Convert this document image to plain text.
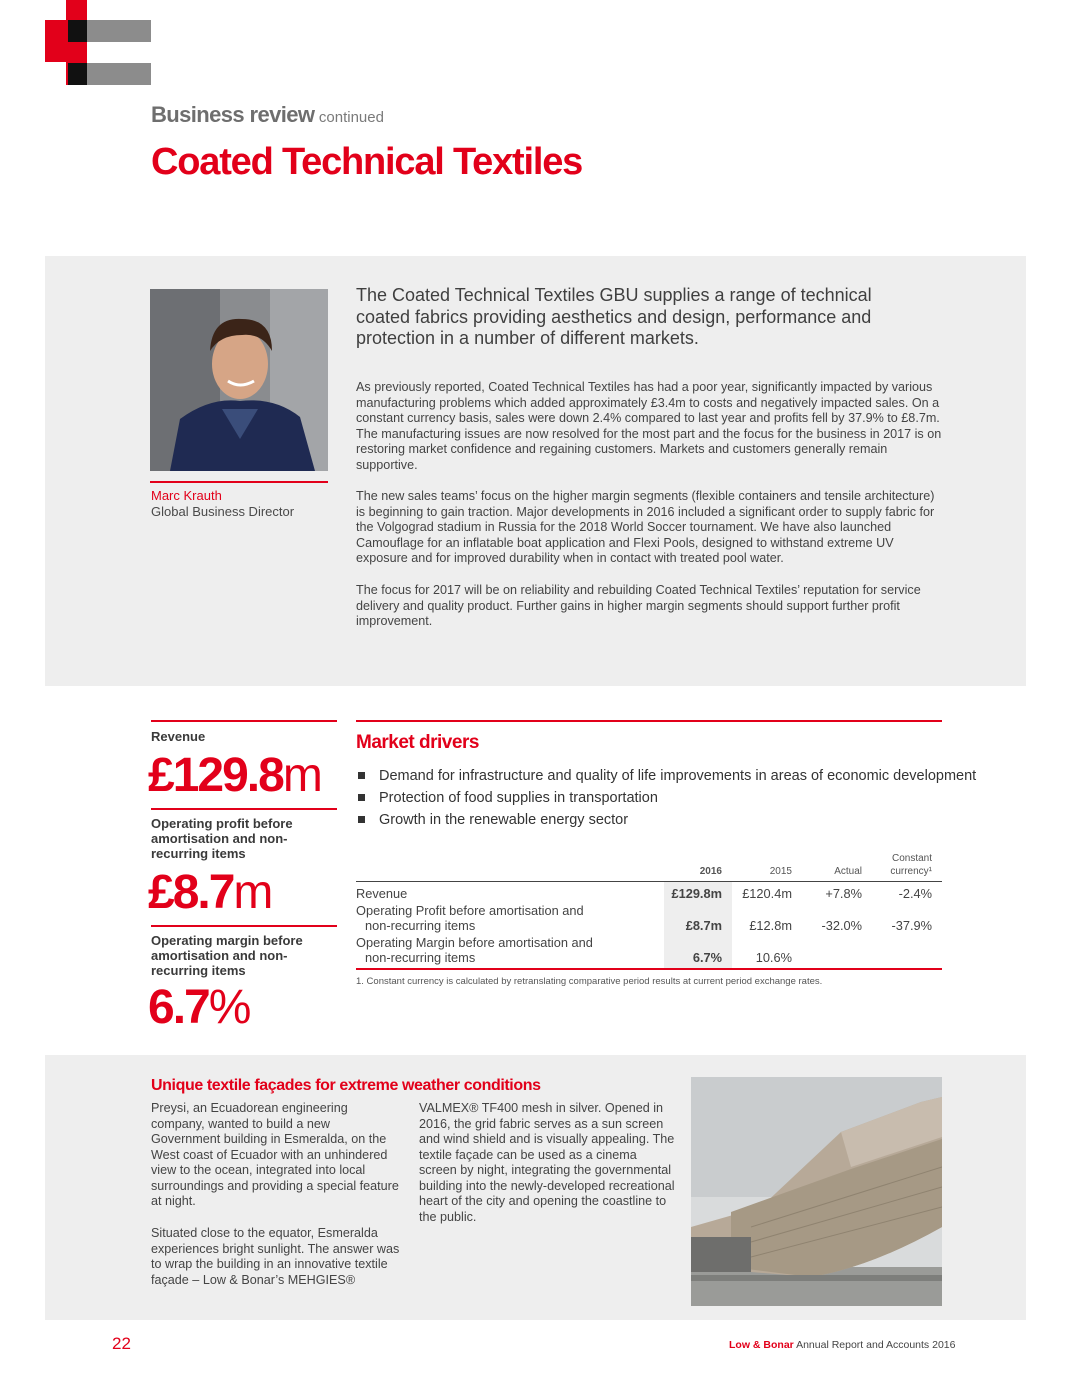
Business review continued
Coated Technical Textiles
Marc Krauth
Global Business Director
The Coated Technical Textiles GBU supplies a range of technical coated fabrics providing aesthetics and design, performance and protection in a number of different markets.
As previously reported, Coated Technical Textiles has had a poor year, significantly impacted by various manufacturing problems which added approximately £3.4m to costs and negatively impacted sales. On a constant currency basis, sales were down 2.4% compared to last year and profits fell by 37.9% to £8.7m. The manufacturing issues are now resolved for the most part and the focus for the business in 2017 is on restoring market confidence and regaining customers. Markets and customers generally remain supportive.
The new sales teams’ focus on the higher margin segments (flexible containers and tensile architecture) is beginning to gain traction. Major developments in 2016 included a significant order to supply fabric for the Volgograd stadium in Russia for the 2018 World Soccer tournament. We have also launched Camouflage for an inflatable boat application and Flexi Pools, designed to withstand extreme UV exposure and for improved durability when in contact with treated pool water.
The focus for 2017 will be on reliability and rebuilding Coated Technical Textiles’ reputation for service delivery and quality product. Further gains in higher margin segments should support further profit improvement.
Revenue
£129.8m
Operating profit before amortisation and non-recurring items
£8.7m
Operating margin before amortisation and non-recurring items
6.7%
Market drivers
Demand for infrastructure and quality of life improvements in areas of economic development
Protection of food supplies in transportation
Growth in the renewable energy sector
2016	2015	Actual
Constant
currency¹
Revenue	£129.8m	£120.4m	+7.8%	-2.4%
Operating Profit before amortisation and
non-recurring items	£8.7m	£12.8m	-32.0%	-37.9%
Operating Margin before amortisation and
non-recurring items	6.7%	10.6%
1. Constant currency is calculated by retranslating comparative period results at current period exchange rates.
Unique textile façades for extreme weather conditions
Preysi, an Ecuadorean engineering company, wanted to build a new Government building in Esmeralda, on the West coast of Ecuador with an unhindered view to the ocean, integrated into local surroundings and providing a special feature at night.
Situated close to the equator, Esmeralda experiences bright sunlight. The answer was to wrap the building in an innovative textile façade – Low & Bonar’s MEHGIES®
VALMEX® TF400 mesh in silver. Opened in 2016, the grid fabric serves as a sun screen and wind shield and is visually appealing. The textile façade can be used as a cinema screen by night, integrating the governmental building into the newly-developed recreational heart of the city and opening the coastline to the public.
22	Low & Bonar Annual Report and Accounts 2016
